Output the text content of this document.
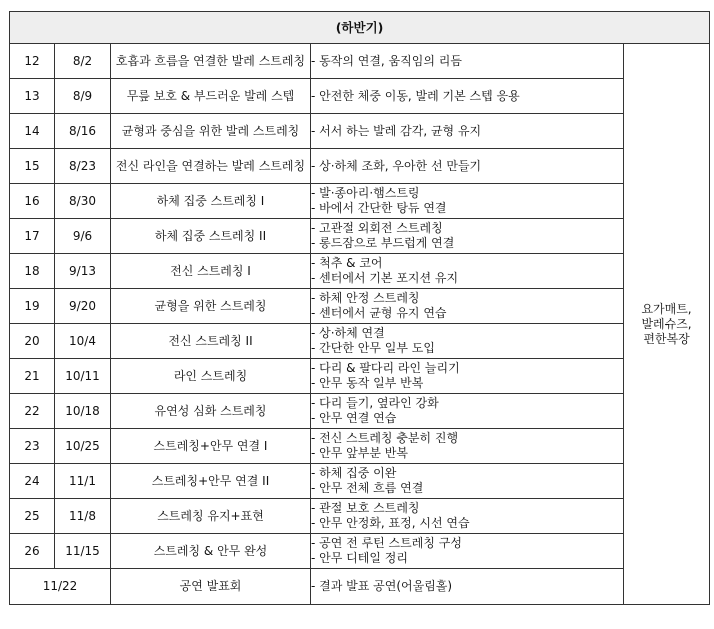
(하반기)				
12	8/2	호흡과 흐름을 연결한 발레 스트레칭	- 동작의 연결, 움직임의 리듬	요가매트,
발레슈즈,
편한복장

13	8/9	무릎 보호 & 부드러운 발레 스텝	- 안전한 체중 이동, 발레 기본 스텝 응용	

14	8/16	균형과 중심을 위한 발레 스트레칭	- 서서 하는 발레 감각, 균형 유지	

15	8/23	전신 라인을 연결하는 발레 스트레칭	- 상·하체 조화, 우아한 선 만들기	

16	8/30	하체 집중 스트레칭 I	- 발·종아리·햄스트링
- 바에서 간단한 탕듀 연결	

17	9/6	하체 집중 스트레칭 II	- 고관절 외회전 스트레칭
- 롱드잠으로 부드럽게 연결	

18	9/13	전신 스트레칭 I	- 척추 & 코어
- 센터에서 기본 포지션 유지	

19	9/20	균형을 위한 스트레칭	- 하체 안정 스트레칭
- 센터에서 균형 유지 연습	

20	10/4	전신 스트레칭 II	- 상·하체 연결
- 간단한 안무 일부 도입	

21	10/11	라인 스트레칭	- 다리 & 팔다리 라인 늘리기
- 안무 동작 일부 반복	

22	10/18	유연성 심화 스트레칭	- 다리 들기, 옆라인 강화
- 안무 연결 연습	

23	10/25	스트레칭+안무 연결 I	- 전신 스트레칭 충분히 진행
- 안무 앞부분 반복	

24	11/1	스트레칭+안무 연결 II	- 하체 집중 이완
- 안무 전체 흐름 연결	

25	11/8	스트레칭 유지+표현	- 관절 보호 스트레칭
- 안무 안정화, 표정, 시선 연습	

26	11/15	스트레칭 & 안무 완성	- 공연 전 루틴 스트레칭 구성
- 안무 디테일 정리	

11/22		공연 발표회	- 결과 발표 공연(어울림홀)	
